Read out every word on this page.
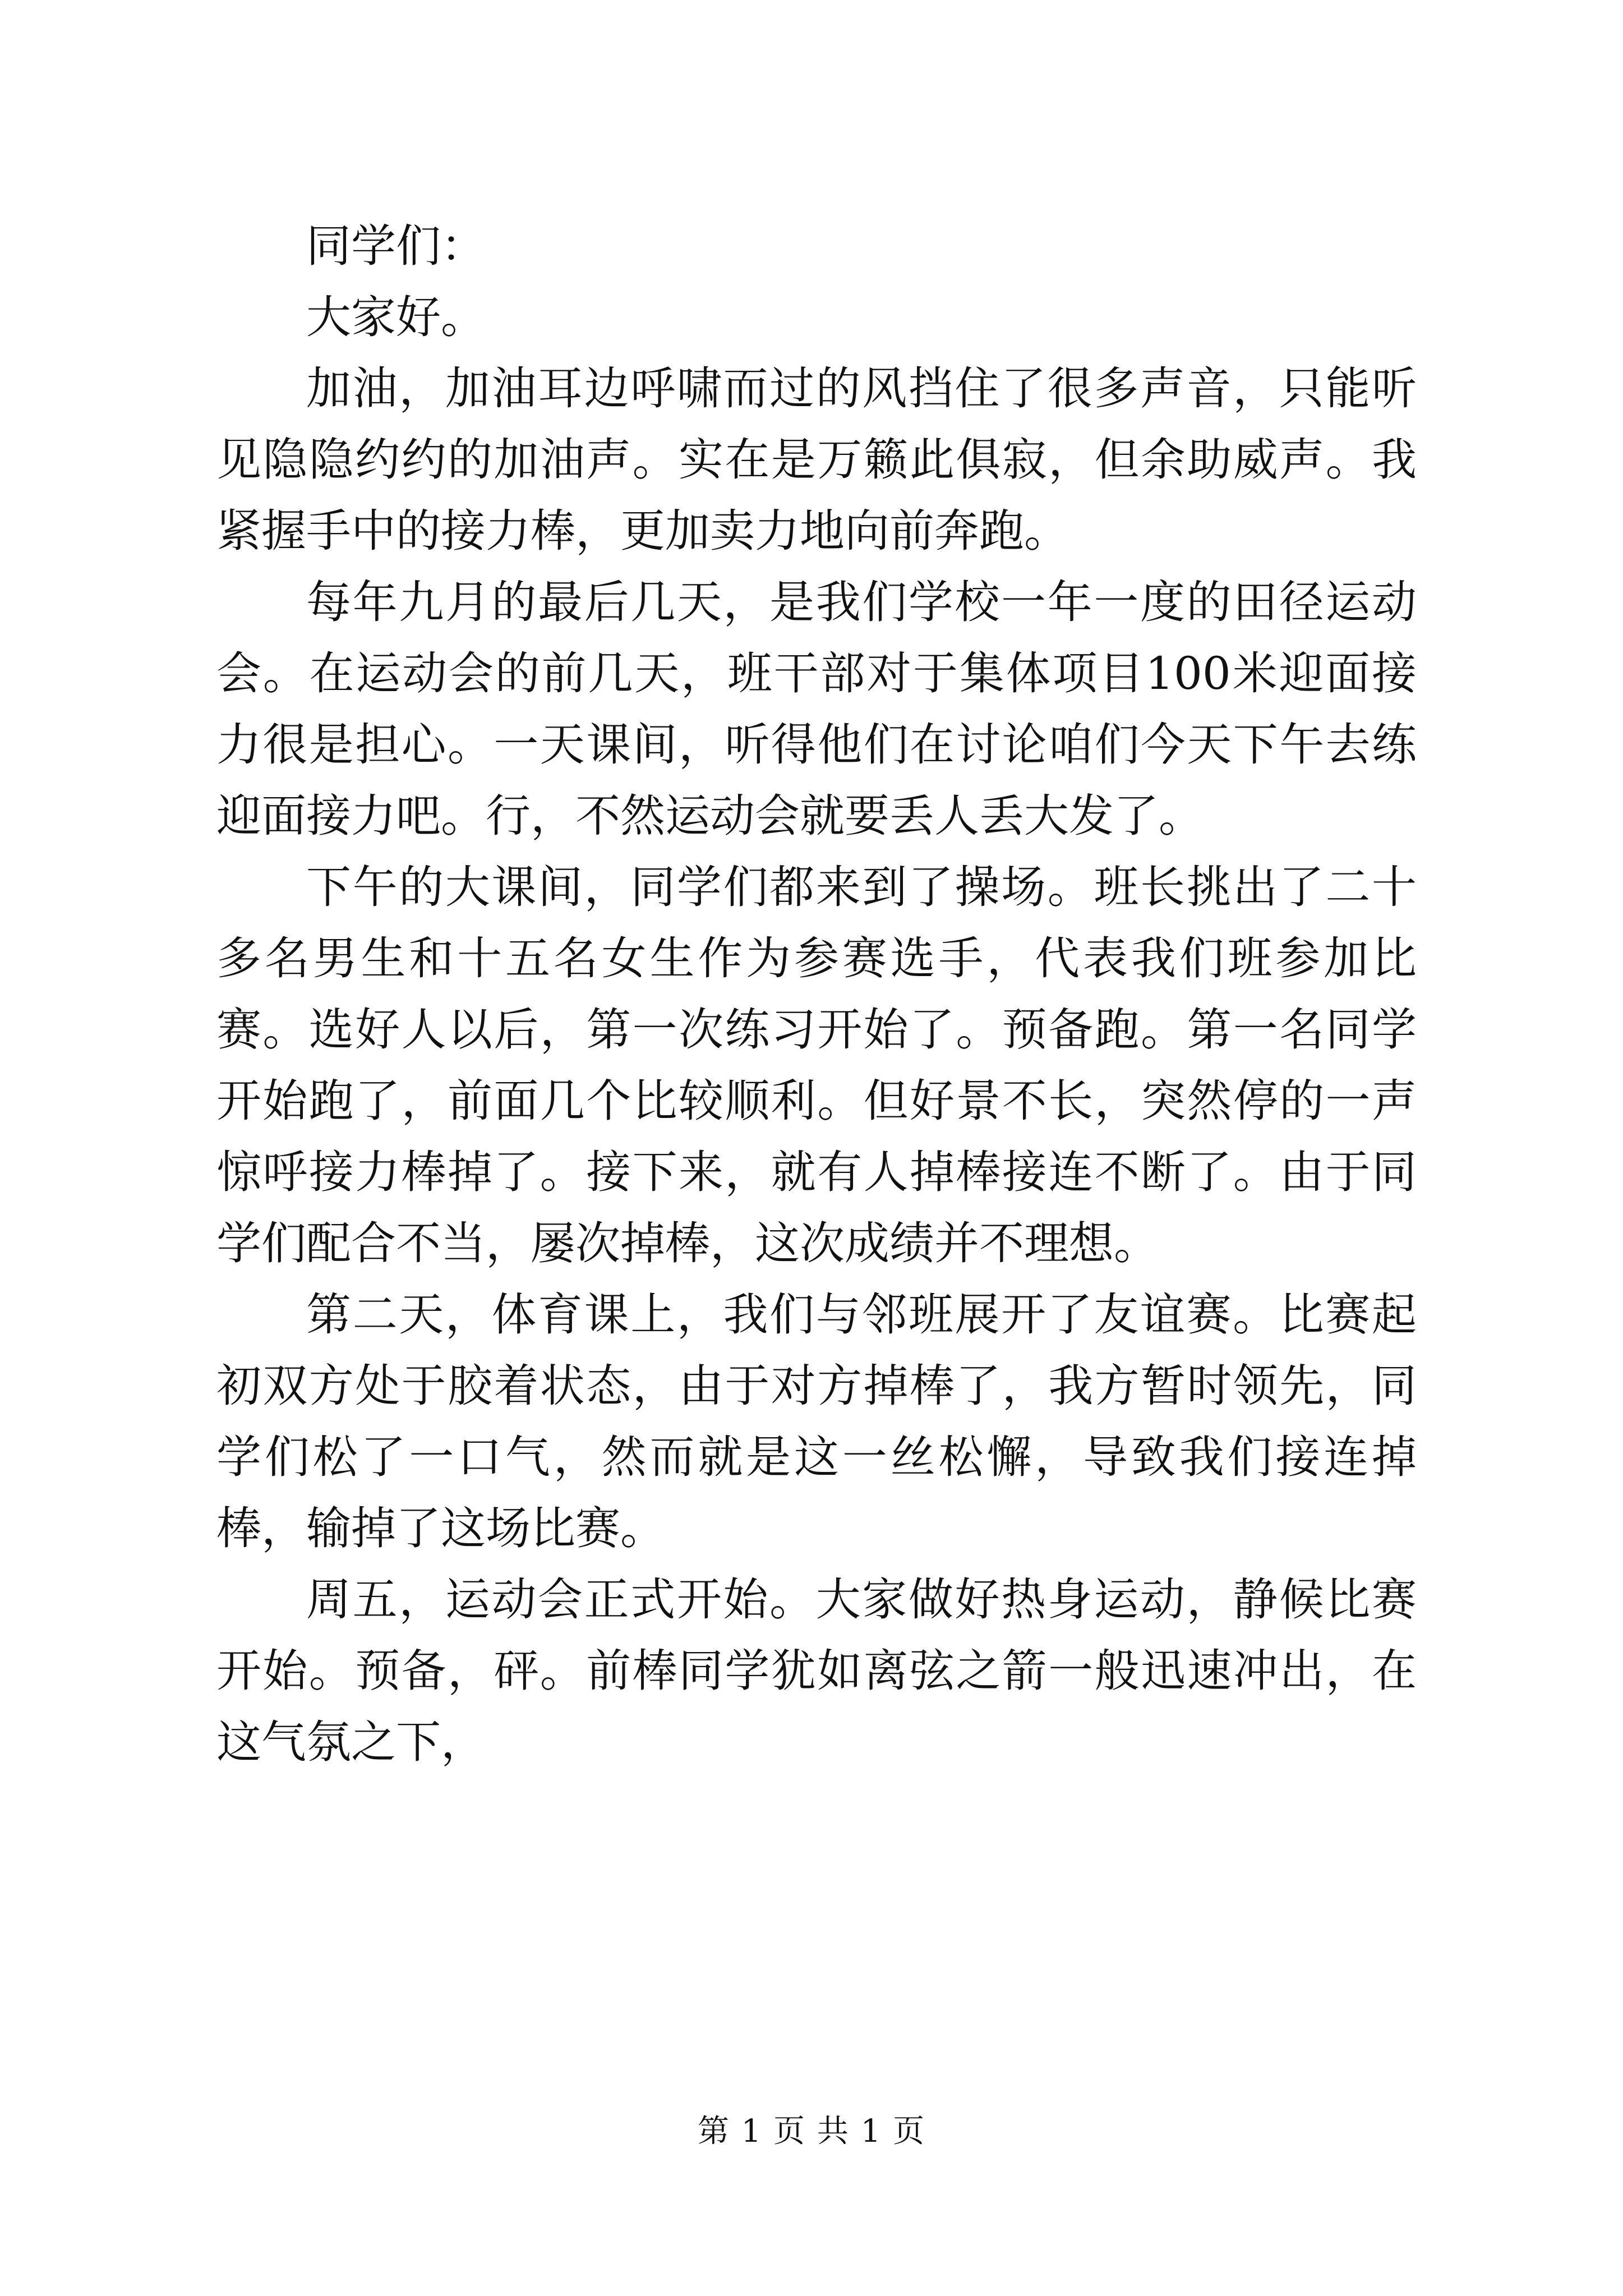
同学们：

大家好。

加油，加油耳边呼啸而过的风挡住了很多声音，只能听见隐隐约约的加油声。实在是万籁此俱寂，但余助威声。我紧握手中的接力棒，更加卖力地向前奔跑。

每年九月的最后几天，是我们学校一年一度的田径运动会。在运动会的前几天，班干部对于集体项目100米迎面接力很是担心。一天课间，听得他们在讨论咱们今天下午去练迎面接力吧。行，不然运动会就要丢人丢大发了。

下午的大课间，同学们都来到了操场。班长挑出了二十多名男生和十五名女生作为参赛选手，代表我们班参加比赛。选好人以后，第一次练习开始了。预备跑。第一名同学开始跑了，前面几个比较顺利。但好景不长，突然停的一声惊呼接力棒掉了。接下来，就有人掉棒接连不断了。由于同学们配合不当，屡次掉棒，这次成绩并不理想。

第二天，体育课上，我们与邻班展开了友谊赛。比赛起初双方处于胶着状态，由于对方掉棒了，我方暂时领先，同学们松了一口气，然而就是这一丝松懈，导致我们接连掉棒，输掉了这场比赛。

周五，运动会正式开始。大家做好热身运动，静候比赛开始。预备，砰。前棒同学犹如离弦之箭一般迅速冲出，在这气氛之下，

第 1 页 共 1 页
